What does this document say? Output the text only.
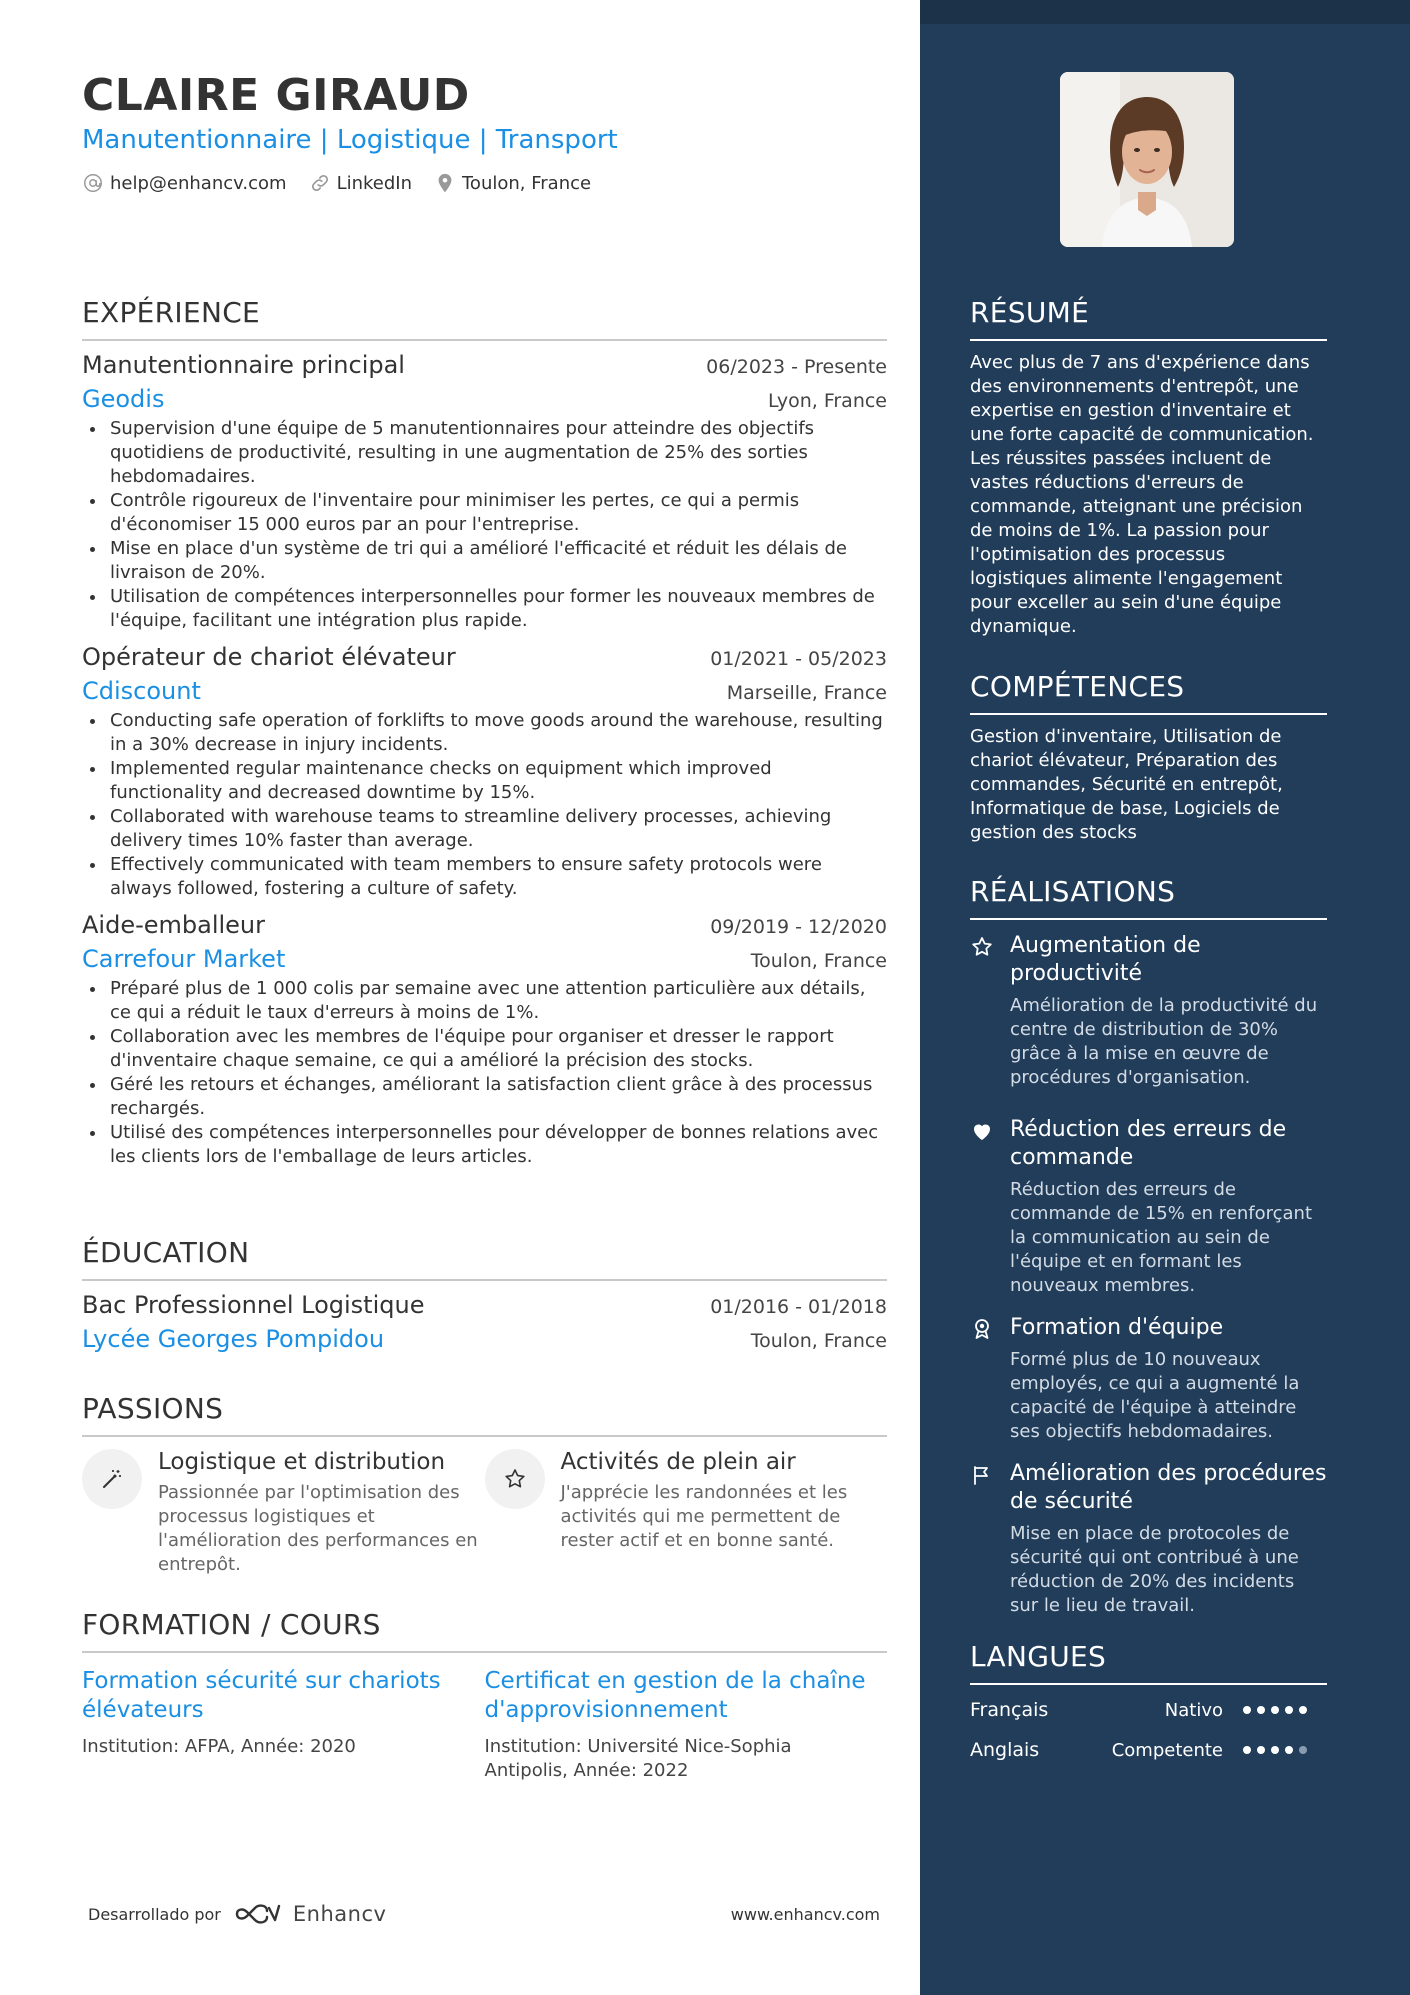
CLAIRE GIRAUD
Manutentionnaire | Logistique | Transport
help@enhancv.com	LinkedIn	Toulon, France
EXPÉRIENCE
Manutentionnaire principal	06/2023 - Presente
Geodis	Lyon, France
Supervision d'une équipe de 5 manutentionnaires pour atteindre des objectifs quotidiens de productivité, resulting in une augmentation de 25% des sorties hebdomadaires.
Contrôle rigoureux de l'inventaire pour minimiser les pertes, ce qui a permis d'économiser 15 000 euros par an pour l'entreprise.
Mise en place d'un système de tri qui a amélioré l'efficacité et réduit les délais de livraison de 20%.
Utilisation de compétences interpersonnelles pour former les nouveaux membres de l'équipe, facilitant une intégration plus rapide.
Opérateur de chariot élévateur	01/2021 - 05/2023
Cdiscount	Marseille, France
Conducting safe operation of forklifts to move goods around the warehouse, resulting in a 30% decrease in injury incidents.
Implemented regular maintenance checks on equipment which improved functionality and decreased downtime by 15%.
Collaborated with warehouse teams to streamline delivery processes, achieving delivery times 10% faster than average.
Effectively communicated with team members to ensure safety protocols were always followed, fostering a culture of safety.
Aide-emballeur	09/2019 - 12/2020
Carrefour Market	Toulon, France
Préparé plus de 1 000 colis par semaine avec une attention particulière aux détails, ce qui a réduit le taux d'erreurs à moins de 1%.
Collaboration avec les membres de l'équipe pour organiser et dresser le rapport d'inventaire chaque semaine, ce qui a amélioré la précision des stocks.
Géré les retours et échanges, améliorant la satisfaction client grâce à des processus rechargés.
Utilisé des compétences interpersonnelles pour développer de bonnes relations avec les clients lors de l'emballage de leurs articles.
ÉDUCATION
Bac Professionnel Logistique	01/2016 - 01/2018
Lycée Georges Pompidou	Toulon, France
PASSIONS
Logistique et distribution
Passionnée par l'optimisation des processus logistiques et l'amélioration des performances en entrepôt.
Activités de plein air
J'apprécie les randonnées et les activités qui me permettent de rester actif et en bonne santé.
FORMATION / COURS
Formation sécurité sur chariots élévateurs
Institution: AFPA, Année: 2020
Certificat en gestion de la chaîne d'approvisionnement
Institution: Université Nice-Sophia Antipolis, Année: 2022
Desarrollado por	Enhancv	www.enhancv.com
RÉSUMÉ
Avec plus de 7 ans d'expérience dans des environnements d'entrepôt, une expertise en gestion d'inventaire et une forte capacité de communication. Les réussites passées incluent de vastes réductions d'erreurs de commande, atteignant une précision de moins de 1%. La passion pour l'optimisation des processus logistiques alimente l'engagement pour exceller au sein d'une équipe dynamique.
COMPÉTENCES
Gestion d'inventaire, Utilisation de chariot élévateur, Préparation des commandes, Sécurité en entrepôt, Informatique de base, Logiciels de gestion des stocks
RÉALISATIONS
Augmentation de productivité
Amélioration de la productivité du centre de distribution de 30% grâce à la mise en œuvre de procédures d'organisation.
Réduction des erreurs de commande
Réduction des erreurs de commande de 15% en renforçant la communication au sein de l'équipe et en formant les nouveaux membres.
Formation d'équipe
Formé plus de 10 nouveaux employés, ce qui a augmenté la capacité de l'équipe à atteindre ses objectifs hebdomadaires.
Amélioration des procédures de sécurité
Mise en place de protocoles de sécurité qui ont contribué à une réduction de 20% des incidents sur le lieu de travail.
LANGUES
Français	Nativo
Anglais	Competente
